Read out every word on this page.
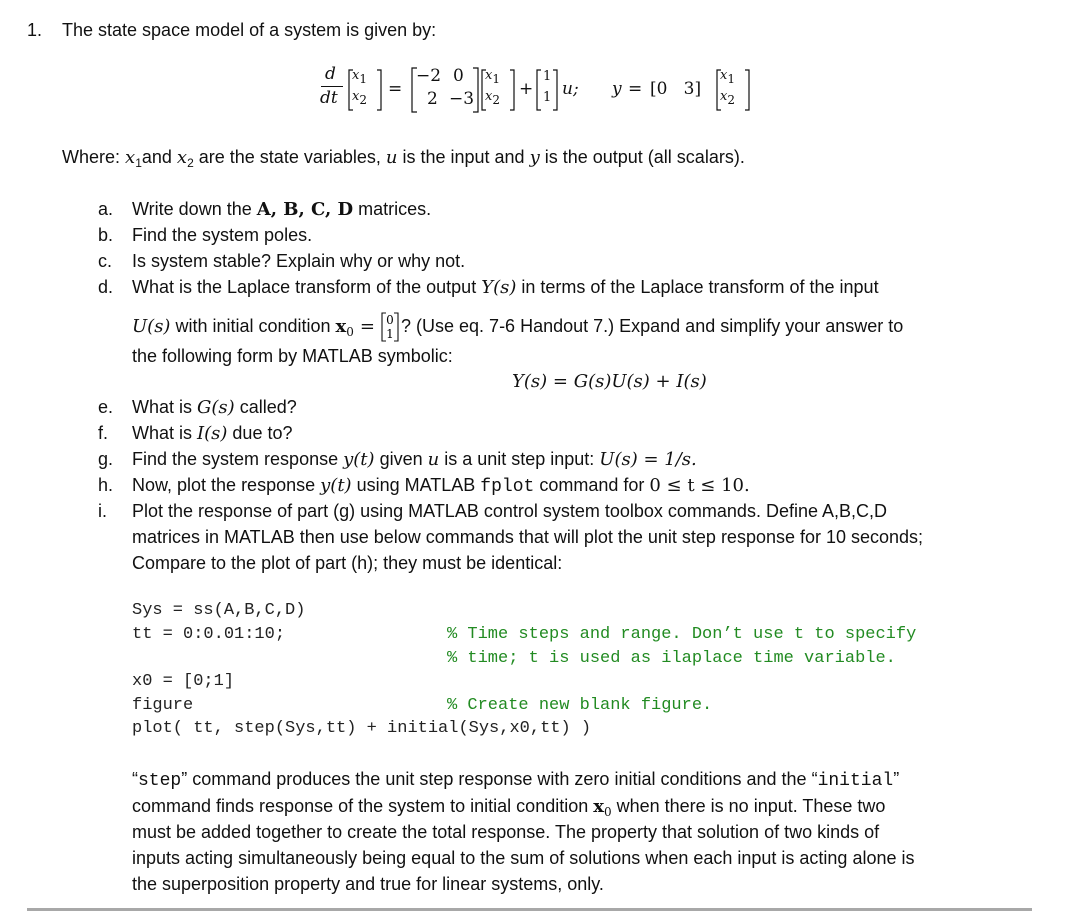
1. The state space model of a system is given by:
d
dt
$x_1$
$x_2$
=
−2 0
2 −3
$x_1$
$x_2$
+
1
1 u; y = [0   3]
$x_1$
$x_2$
Where: $x_1and$ $x_2$ are the state variables, u is the input and y is the output (all scalars).
a. Write down the A, B, C, D matrices.
b. Find the system poles.
c. Is system stable? Explain why or why not.
d. What is the Laplace transform of the output Y(s) in terms of the Laplace transform of the input
U(s) with initial condition $x_0 = 0$
1 ? (Use eq. 7-6 Handout 7.) Expand and simplify your answer to
the following form by MATLAB symbolic:
Y(s) = G(s)U(s) + I(s)
e. What is G(s) called?
f. What is I(s) due to?
g. Find the system response y(t) given u is a unit step input: U(s) = 1/s.
h. Now, plot the response y(t) using MATLAB fplot command for 0 ≤ t ≤ 10.
i. Plot the response of part (g) using MATLAB control system toolbox commands. Define A,B,C,D
matrices in MATLAB then use below commands that will plot the unit step response for 10 seconds;
Compare to the plot of part (h); they must be identical:
Sys = ss(A,B,C,D)
tt = 0:0.01:10;	% Time steps and range. Don’t use t to specify
% time; t is used as ilaplace time variable.
x0 = [0;1]
figure	% Create new blank figure.
plot( tt, step(Sys,tt) + initial(Sys,x0,tt) )
“step” command produces the unit step response with zero initial conditions and the “initial”
command finds response of the system to initial condition $x_0$ when there is no input. These two
must be added together to create the total response. The property that solution of two kinds of
inputs acting simultaneously being equal to the sum of solutions when each input is acting alone is
the superposition property and true for linear systems, only.
